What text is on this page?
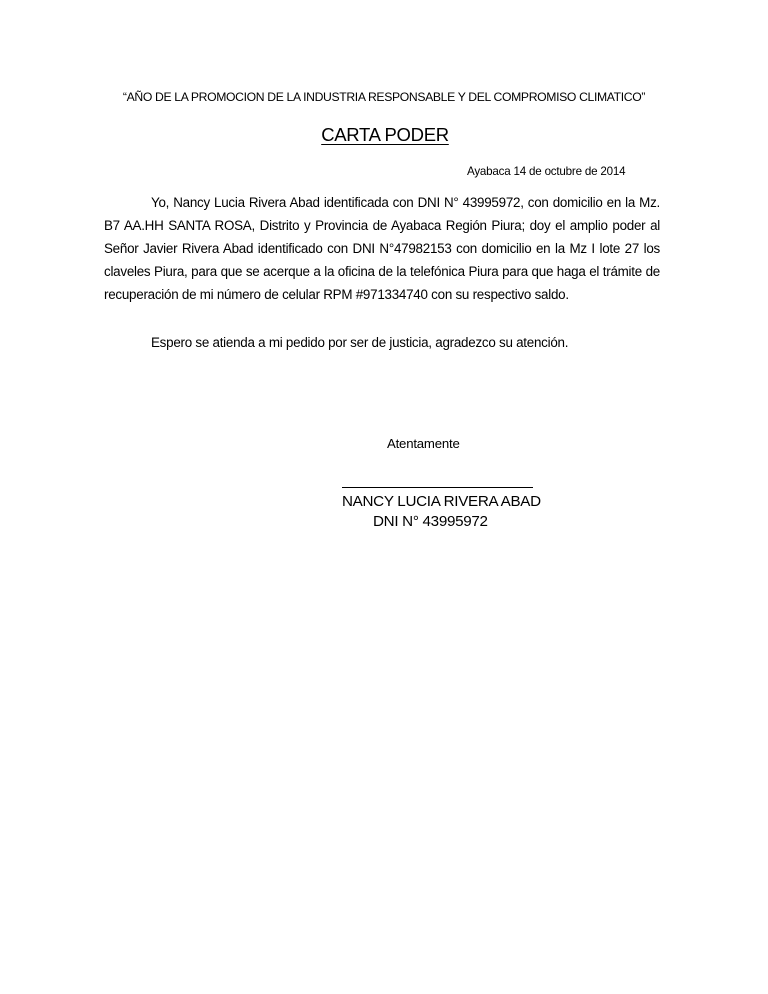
“AÑO DE LA PROMOCION DE LA INDUSTRIA RESPONSABLE Y DEL COMPROMISO CLIMATICO”
CARTA PODER
Ayabaca 14 de octubre de 2014

Yo, Nancy Lucia Rivera Abad identificada con DNI N° 43995972, con domicilio en la Mz. B7 AA.HH SANTA ROSA, Distrito y Provincia de Ayabaca Región Piura; doy el amplio poder al Señor Javier Rivera Abad identificado con DNI N°47982153 con domicilio en la Mz I lote 27 los claveles Piura, para que se acerque a la oficina de la telefónica Piura para que haga el trámite de recuperación de mi número de celular RPM #971334740 con su respectivo saldo.

Espero se atienda a mi pedido por ser de justicia, agradezco su atención.

Atentamente
NANCY LUCIA RIVERA ABAD
DNI N° 43995972
